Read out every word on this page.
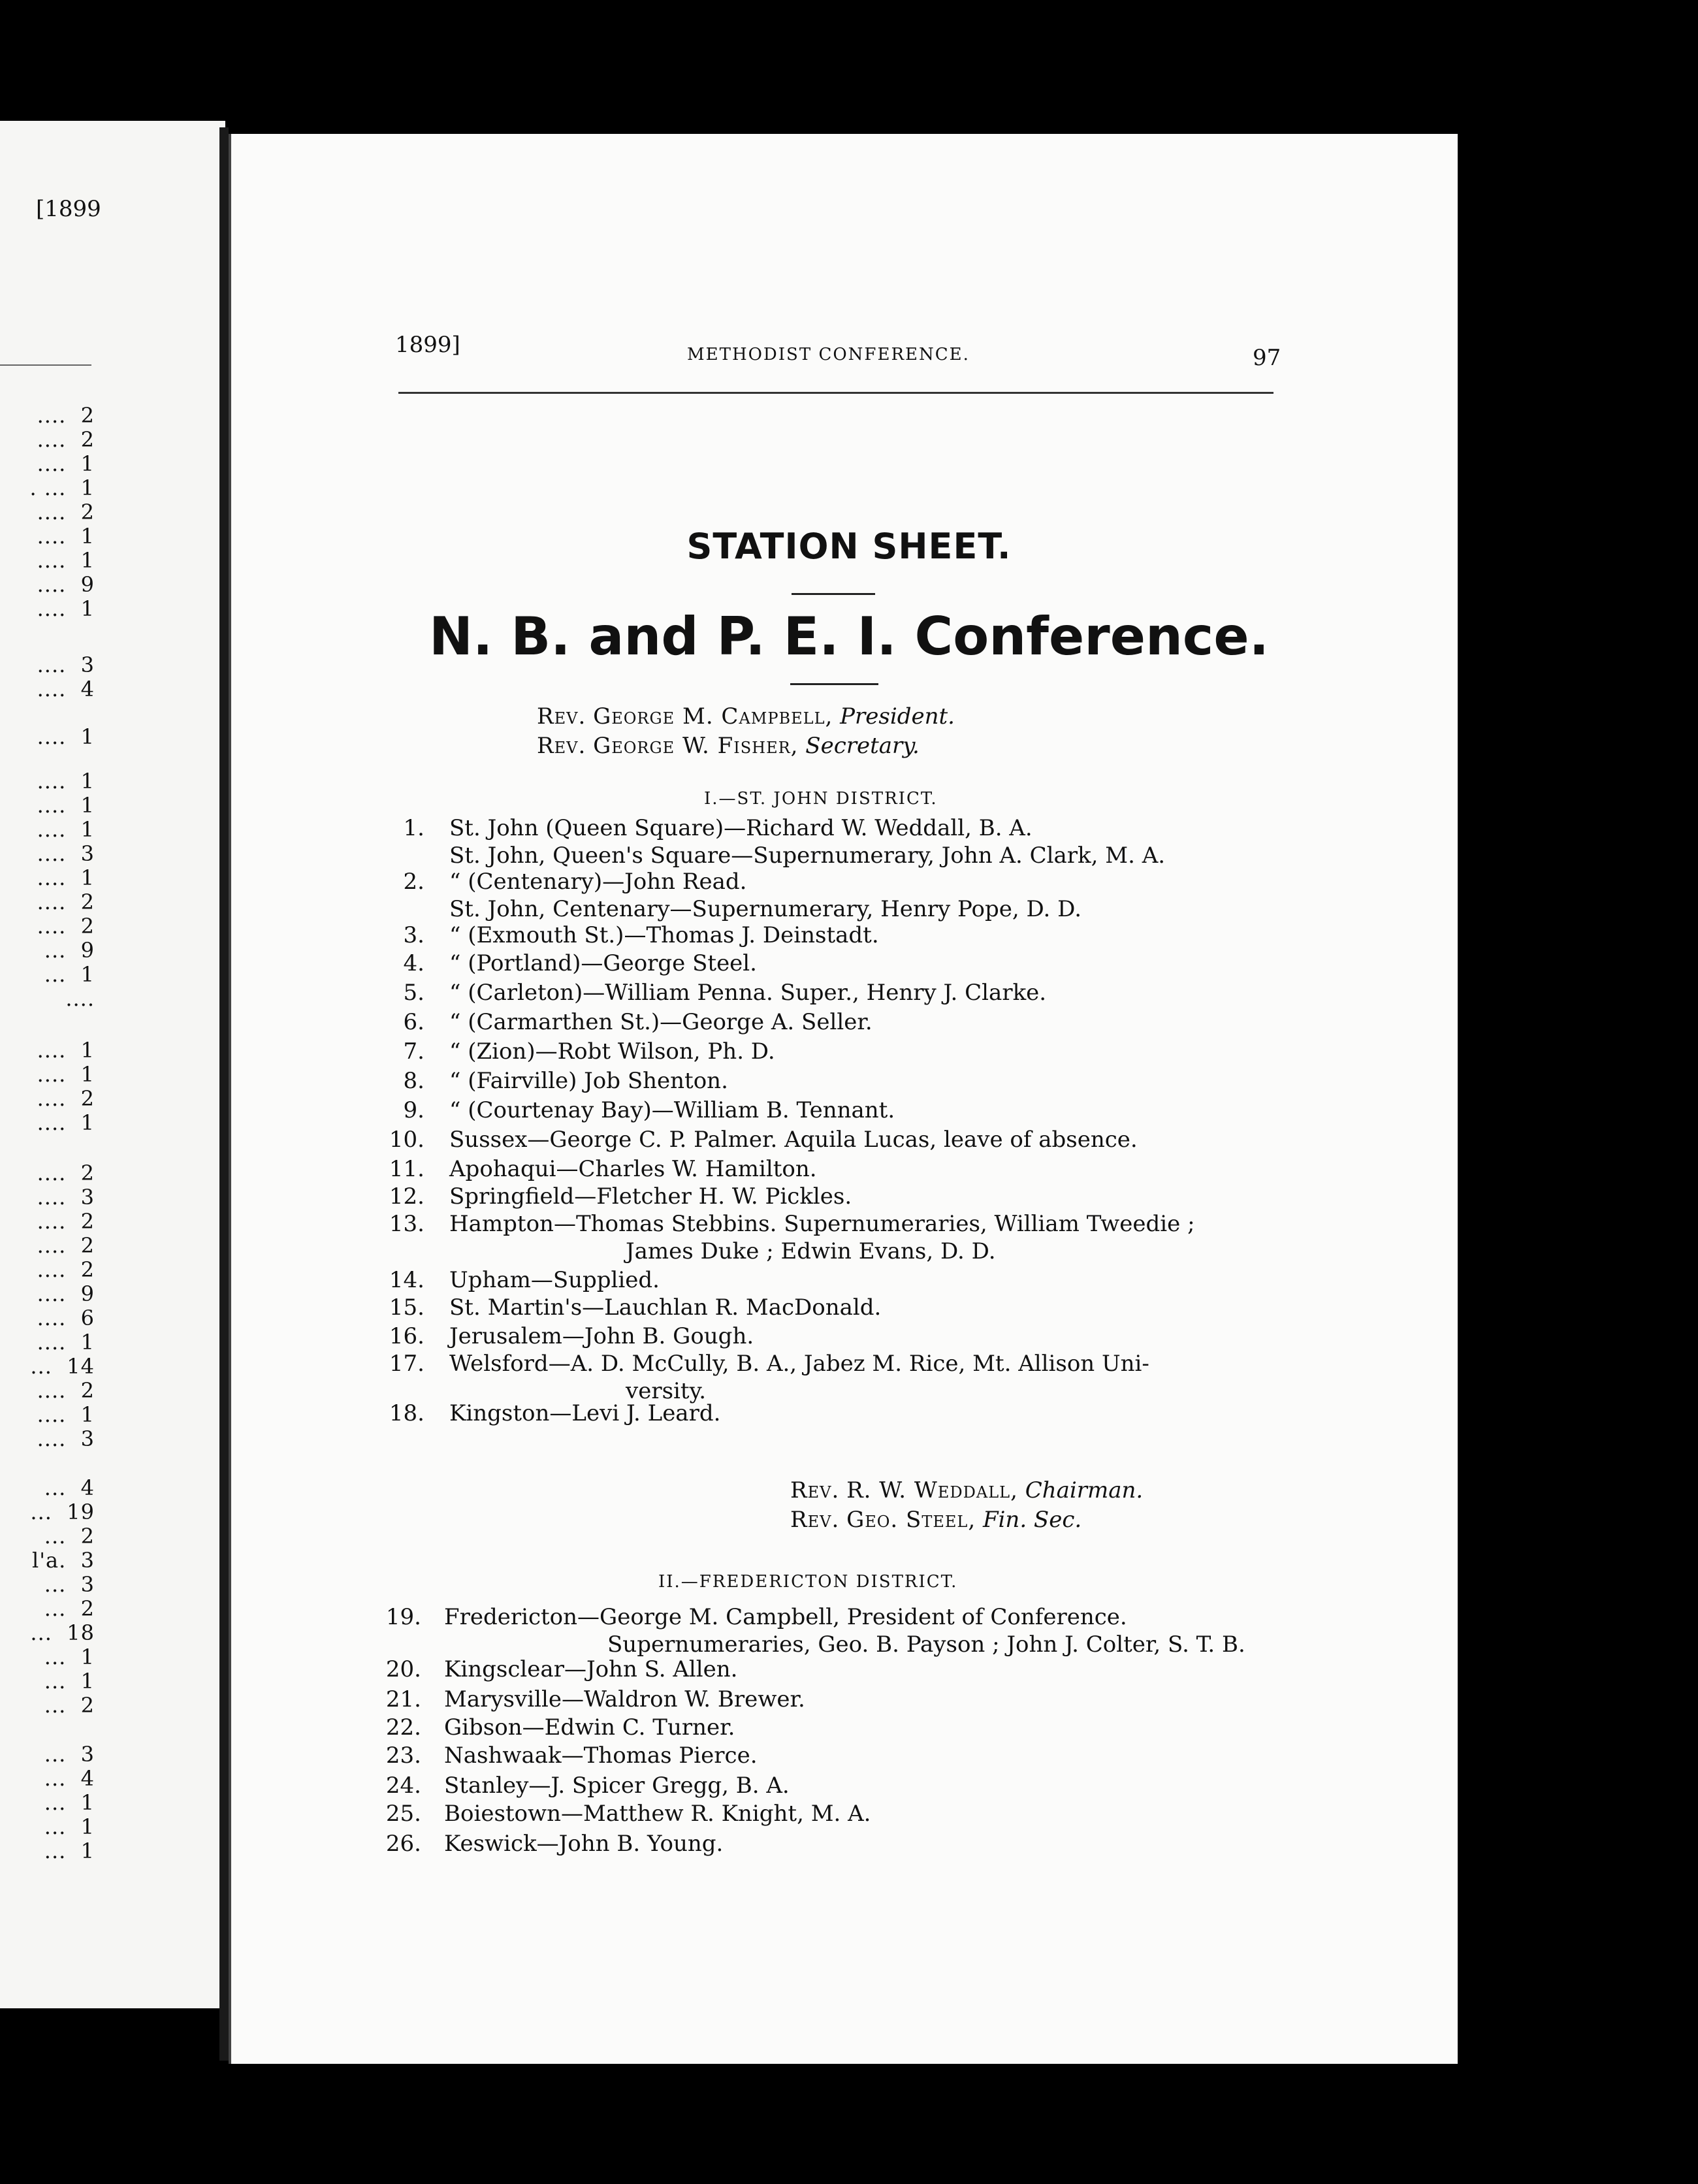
[1899
....  2
....  2
....  1
. ...  1
....  2
....  1
....  1
....  9
....  1
....  3
....  4
....  1
....  1
....  1
....  1
....  3
....  1
....  2
....  2
...  9
...  1
....
....  1
....  1
....  2
....  1
....  2
....  3
....  2
....  2
....  2
....  9
....  6
....  1
...  14
....  2
....  1
....  3
...  4
...  19
...  2
l'a.  3
...  3
...  2
...  18
...  1
...  1
...  2
...  3
...  4
...  1
...  1
...  1
1899]	METHODIST CONFERENCE.	97
STATION SHEET.
N. B. and P. E. I. Conference.
Rev. George M. Campbell, President.
Rev. George W. Fisher, Secretary.
I.—ST. JOHN DISTRICT.
1. St. John (Queen Square)—Richard W. Weddall, B. A.
St. John, Queen's Square—Supernumerary, John A. Clark, M. A.
2. “ (Centenary)—John Read.
St. John, Centenary—Supernumerary, Henry Pope, D. D.
3. “ (Exmouth St.)—Thomas J. Deinstadt.
4. “ (Portland)—George Steel.
5. “ (Carleton)—William Penna. Super., Henry J. Clarke.
6. “ (Carmarthen St.)—George A. Seller.
7. “ (Zion)—Robt Wilson, Ph. D.
8. “ (Fairville) Job Shenton.
9. “ (Courtenay Bay)—William B. Tennant.
10. Sussex—George C. P. Palmer. Aquila Lucas, leave of absence.
11. Apohaqui—Charles W. Hamilton.
12. Springfield—Fletcher H. W. Pickles.
13. Hampton—Thomas Stebbins. Supernumeraries, William Tweedie ;
James Duke ; Edwin Evans, D. D.
14. Upham—Supplied.
15. St. Martin's—Lauchlan R. MacDonald.
16. Jerusalem—John B. Gough.
17. Welsford—A. D. McCully, B. A., Jabez M. Rice, Mt. Allison Uni-
versity.
18. Kingston—Levi J. Leard.
Rev. R. W. Weddall, Chairman.
Rev. Geo. Steel, Fin. Sec.
II.—FREDERICTON DISTRICT.
19. Fredericton—George M. Campbell, President of Conference.
Supernumeraries, Geo. B. Payson ; John J. Colter, S. T. B.
20. Kingsclear—John S. Allen.
21. Marysville—Waldron W. Brewer.
22. Gibson—Edwin C. Turner.
23. Nashwaak—Thomas Pierce.
24. Stanley—J. Spicer Gregg, B. A.
25. Boiestown—Matthew R. Knight, M. A.
26. Keswick—John B. Young.
